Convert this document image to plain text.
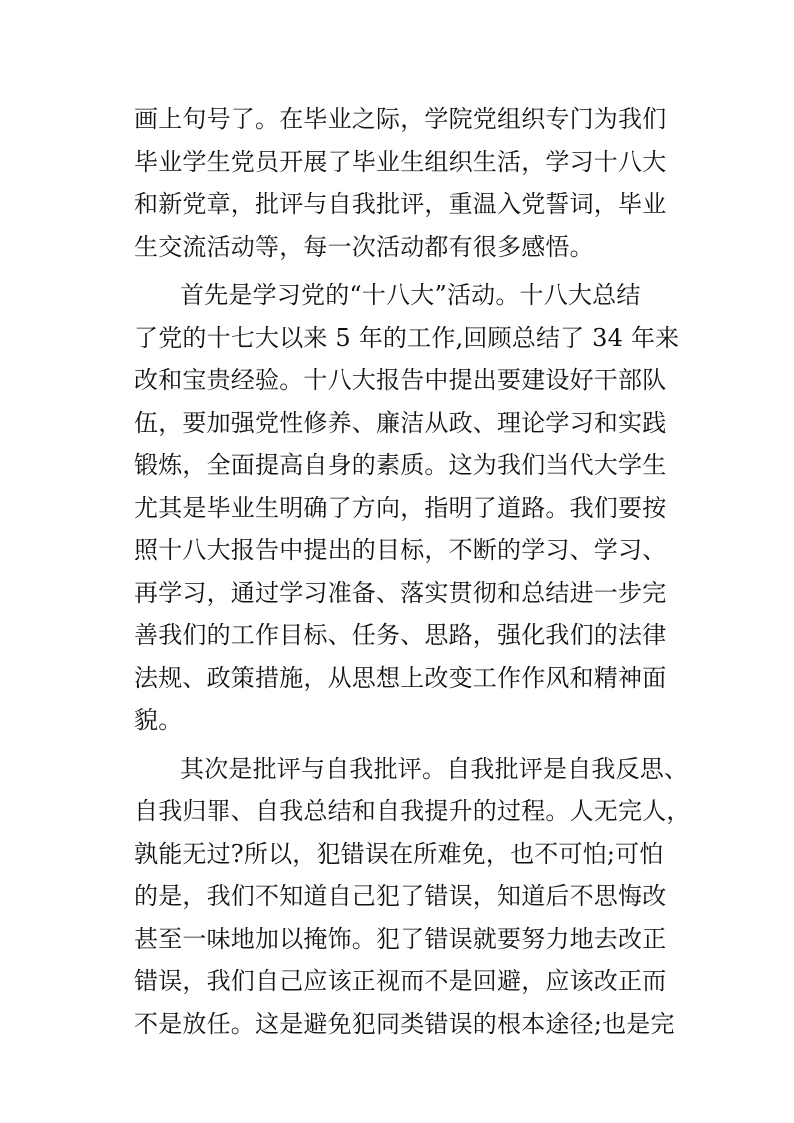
画上句号了。在毕业之际，学院党组织专门为我们
毕业学生党员开展了毕业生组织生活，学习十八大
和新党章，批评与自我批评，重温入党誓词，毕业
生交流活动等，每一次活动都有很多感悟。
首先是学习党的“十八大”活动。十八大总结
了党的十七大以来 5 年的工作,回顾总结了 34 年来
改和宝贵经验。十八大报告中提出要建设好干部队
伍，要加强党性修养、廉洁从政、理论学习和实践
锻炼，全面提高自身的素质。这为我们当代大学生
尤其是毕业生明确了方向，指明了道路。我们要按
照十八大报告中提出的目标，不断的学习、学习、
再学习，通过学习准备、落实贯彻和总结进一步完
善我们的工作目标、任务、思路，强化我们的法律
法规、政策措施，从思想上改变工作作风和精神面
貌。
其次是批评与自我批评。自我批评是自我反思、
自我归罪、自我总结和自我提升的过程。人无完人，
孰能无过?所以，犯错误在所难免，也不可怕;可怕
的是，我们不知道自己犯了错误，知道后不思悔改
甚至一味地加以掩饰。犯了错误就要努力地去改正
错误，我们自己应该正视而不是回避，应该改正而
不是放任。这是避免犯同类错误的根本途径;也是完
